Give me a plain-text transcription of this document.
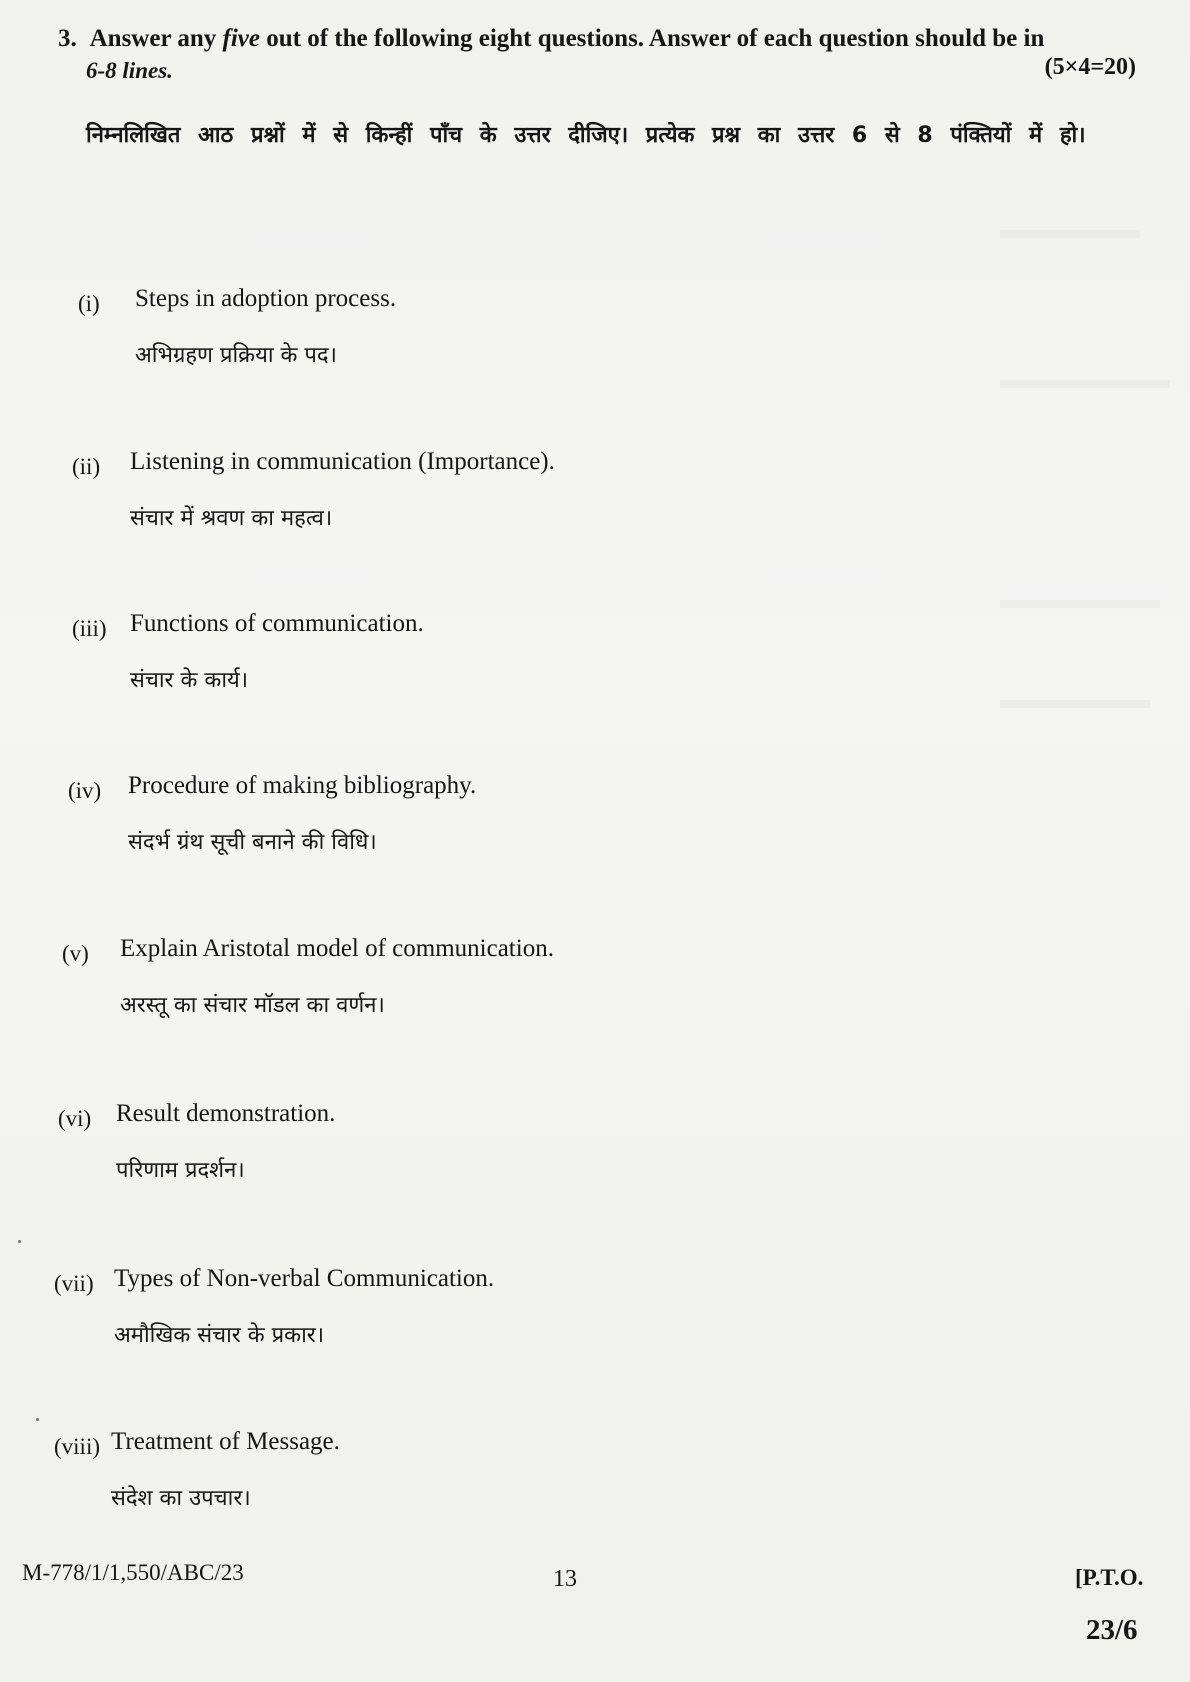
3. Answer any five out of the following eight questions. Answer of each question should be in
6-8 lines.	(5×4=20)
निम्नलिखित आठ प्रश्नों में से किन्हीं पाँच के उत्तर दीजिए। प्रत्येक प्रश्न का उत्तर 6 से 8 पंक्तियों में हो।
(i) Steps in adoption process.
अभिग्रहण प्रक्रिया के पद।
(ii) Listening in communication (Importance).
संचार में श्रवण का महत्व।
(iii) Functions of communication.
संचार के कार्य।
(iv) Procedure of making bibliography.
संदर्भ ग्रंथ सूची बनाने की विधि।
(v) Explain Aristotal model of communication.
अरस्तू का संचार मॉडल का वर्णन।
(vi) Result demonstration.
परिणाम प्रदर्शन।
(vii) Types of Non-verbal Communication.
अमौखिक संचार के प्रकार।
(viii) Treatment of Message.
संदेश का उपचार।
M-778/1/1,550/ABC/23	13	[P.T.O.
23/6
